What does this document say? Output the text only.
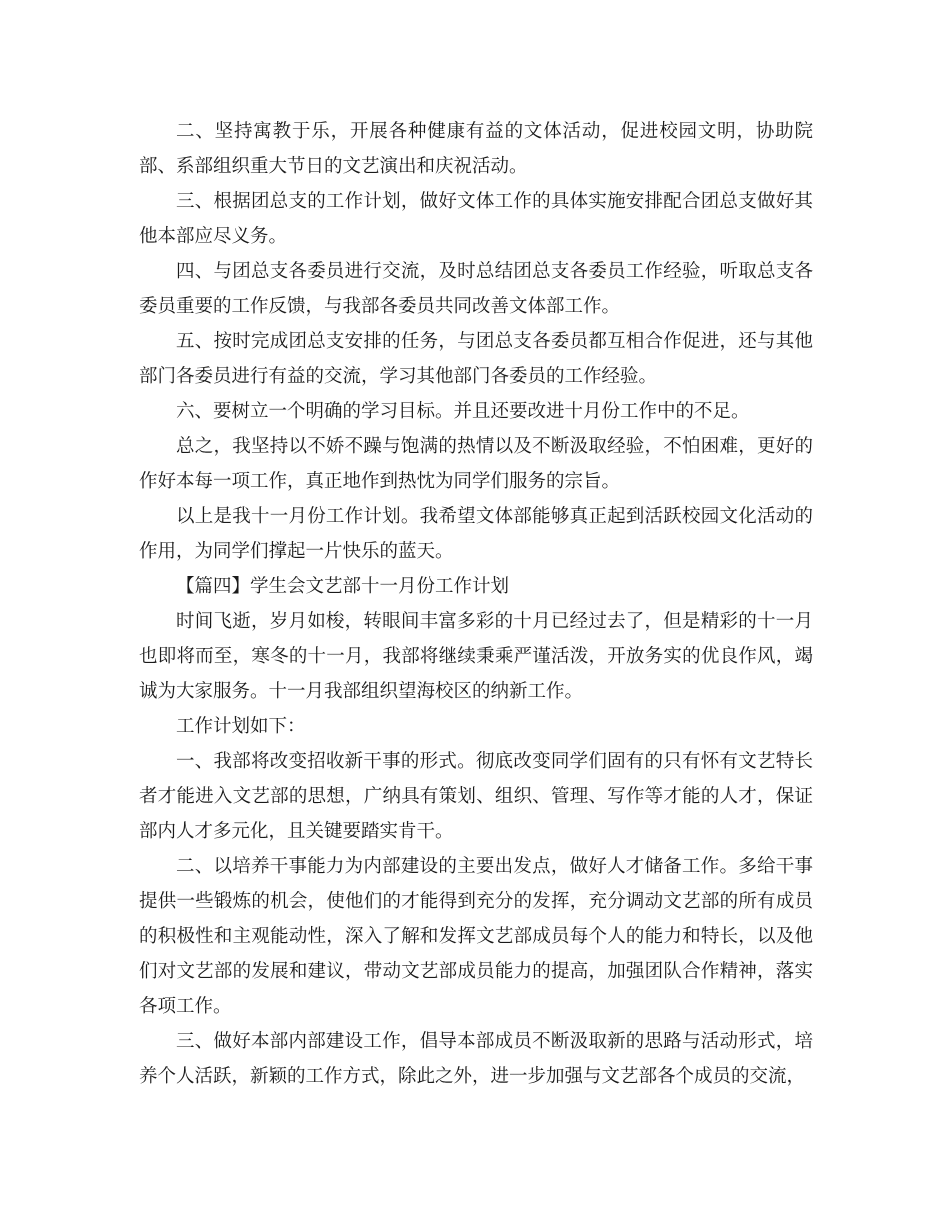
二、坚持寓教于乐，开展各种健康有益的文体活动，促进校园文明，协助院部、系部组织重大节日的文艺演出和庆祝活动。

三、根据团总支的工作计划，做好文体工作的具体实施安排配合团总支做好其他本部应尽义务。

四、与团总支各委员进行交流，及时总结团总支各委员工作经验，听取总支各委员重要的工作反馈，与我部各委员共同改善文体部工作。

五、按时完成团总支安排的任务，与团总支各委员都互相合作促进，还与其他部门各委员进行有益的交流，学习其他部门各委员的工作经验。

六、要树立一个明确的学习目标。并且还要改进十月份工作中的不足。

总之，我坚持以不娇不躁与饱满的热情以及不断汲取经验，不怕困难，更好的作好本每一项工作，真正地作到热忱为同学们服务的宗旨。

以上是我十一月份工作计划。我希望文体部能够真正起到活跃校园文化活动的作用，为同学们撑起一片快乐的蓝天。

【篇四】学生会文艺部十一月份工作计划

时间飞逝，岁月如梭，转眼间丰富多彩的十月已经过去了，但是精彩的十一月也即将而至，寒冬的十一月，我部将继续秉乘严谨活泼，开放务实的优良作风，竭诚为大家服务。十一月我部组织望海校区的纳新工作。

工作计划如下：

一、我部将改变招收新干事的形式。彻底改变同学们固有的只有怀有文艺特长者才能进入文艺部的思想，广纳具有策划、组织、管理、写作等才能的人才，保证部内人才多元化，且关键要踏实肯干。

二、以培养干事能力为内部建设的主要出发点，做好人才储备工作。多给干事提供一些锻炼的机会，使他们的才能得到充分的发挥，充分调动文艺部的所有成员的积极性和主观能动性，深入了解和发挥文艺部成员每个人的能力和特长，以及他们对文艺部的发展和建议，带动文艺部成员能力的提高，加强团队合作精神，落实各项工作。

三、做好本部内部建设工作，倡导本部成员不断汲取新的思路与活动形式，培养个人活跃，新颖的工作方式，除此之外，进一步加强与文艺部各个成员的交流，
